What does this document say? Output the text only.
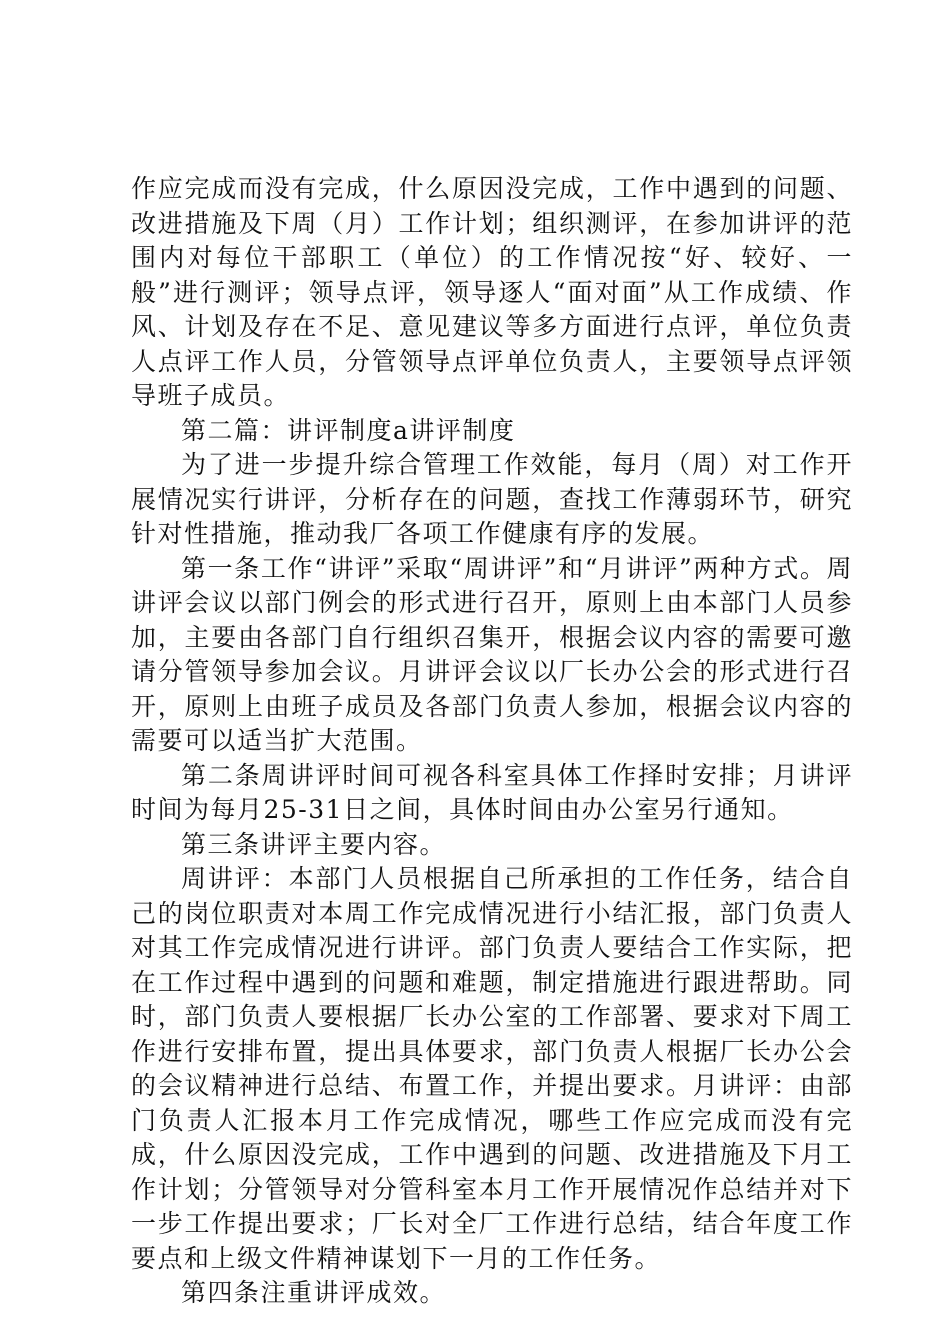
作应完成而没有完成，什么原因没完成，工作中遇到的问题、改进措施及下周（月）工作计划；组织测评，在参加讲评的范围内对每位干部职工（单位）的工作情况按“好、较好、一般”进行测评；领导点评，领导逐人“面对面”从工作成绩、作风、计划及存在不足、意见建议等多方面进行点评，单位负责人点评工作人员，分管领导点评单位负责人，主要领导点评领导班子成员。

第二篇：讲评制度a讲评制度

为了进一步提升综合管理工作效能，每月（周）对工作开展情况实行讲评，分析存在的问题，查找工作薄弱环节，研究针对性措施，推动我厂各项工作健康有序的发展。

第一条工作“讲评”采取“周讲评”和“月讲评”两种方式。周讲评会议以部门例会的形式进行召开，原则上由本部门人员参加，主要由各部门自行组织召集开，根据会议内容的需要可邀请分管领导参加会议。月讲评会议以厂长办公会的形式进行召开，原则上由班子成员及各部门负责人参加，根据会议内容的需要可以适当扩大范围。

第二条周讲评时间可视各科室具体工作择时安排；月讲评时间为每月25-31日之间，具体时间由办公室另行通知。

第三条讲评主要内容。

周讲评：本部门人员根据自己所承担的工作任务，结合自己的岗位职责对本周工作完成情况进行小结汇报，部门负责人对其工作完成情况进行讲评。部门负责人要结合工作实际，把在工作过程中遇到的问题和难题，制定措施进行跟进帮助。同时，部门负责人要根据厂长办公室的工作部署、要求对下周工作进行安排布置，提出具体要求，部门负责人根据厂长办公会的会议精神进行总结、布置工作，并提出要求。月讲评：由部门负责人汇报本月工作完成情况，哪些工作应完成而没有完成，什么原因没完成，工作中遇到的问题、改进措施及下月工作计划；分管领导对分管科室本月工作开展情况作总结并对下一步工作提出要求；厂长对全厂工作进行总结，结合年度工作要点和上级文件精神谋划下一月的工作任务。

第四条注重讲评成效。
